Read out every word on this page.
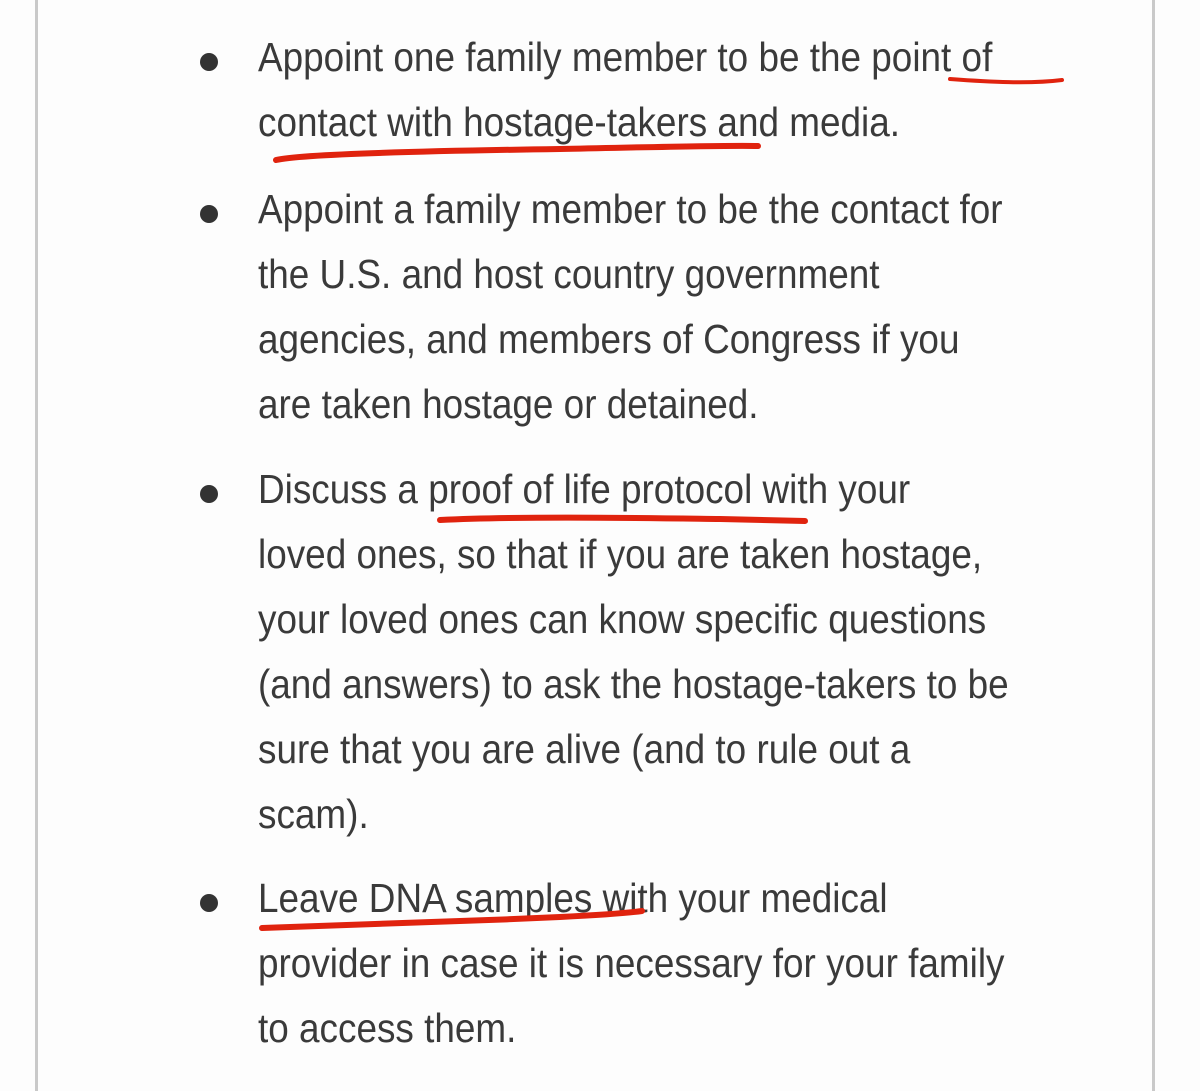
Appoint one family member to be the point of
contact with hostage-takers and media.

Appoint a family member to be the contact for
the U.S. and host country government
agencies, and members of Congress if you
are taken hostage or detained.

Discuss a proof of life protocol with your
loved ones, so that if you are taken hostage,
your loved ones can know specific questions
(and answers) to ask the hostage-takers to be
sure that you are alive (and to rule out a
scam).

Leave DNA samples with your medical
provider in case it is necessary for your family
to access them.
